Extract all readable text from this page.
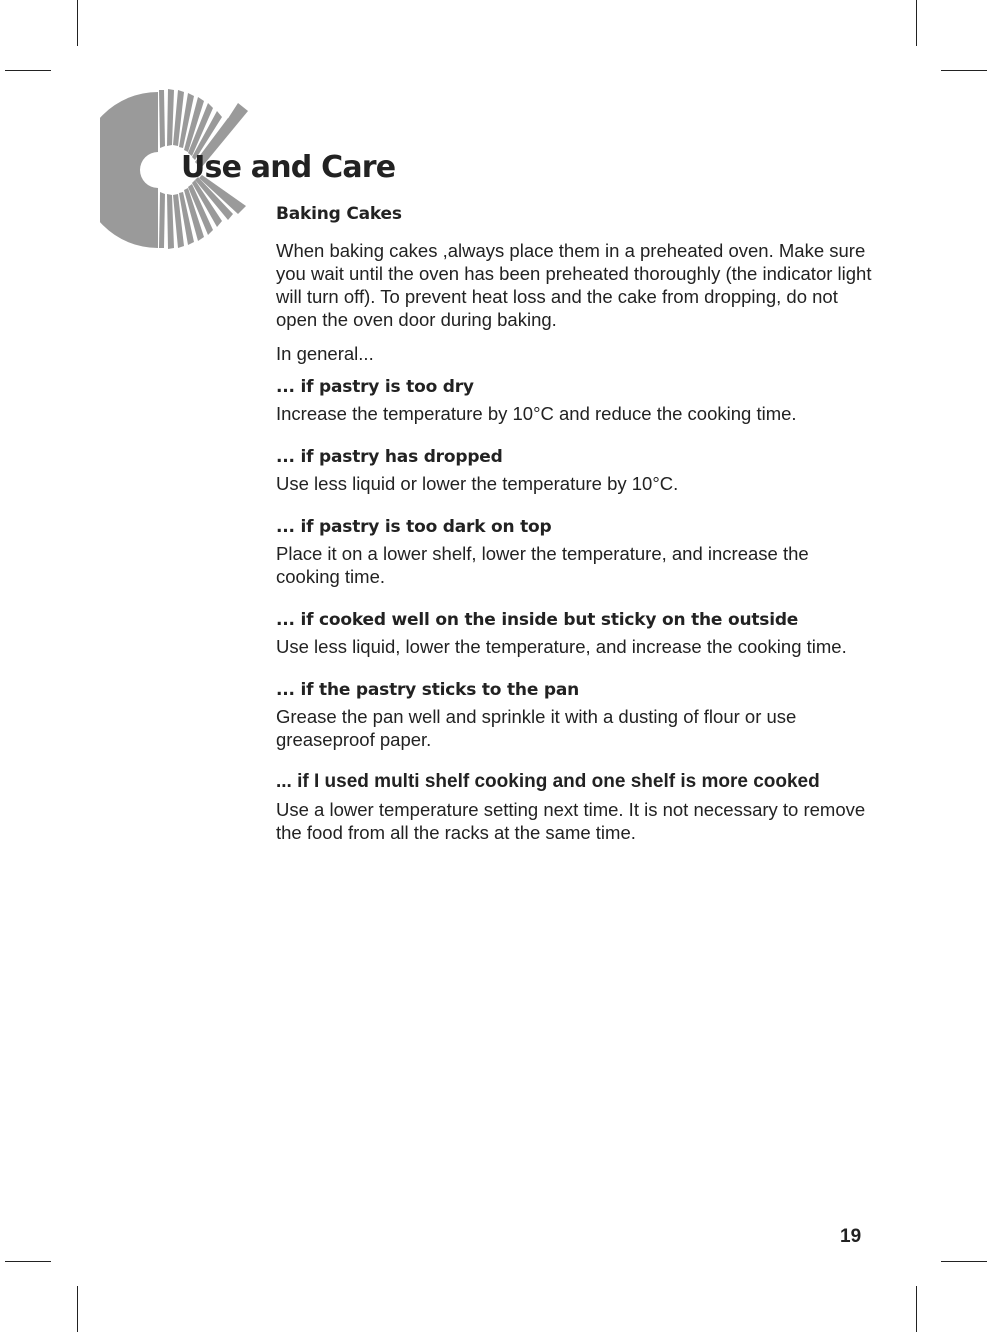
Use and Care

Baking Cakes

When baking cakes ,always place them in a preheated oven. Make sure you wait until the oven has been preheated thoroughly (the indicator light will turn off). To prevent heat loss and the cake from dropping, do not open the oven door during baking.

In general...

... if pastry is too dry

Increase the temperature by 10°C and reduce the cooking time.

... if pastry has dropped

Use less liquid or lower the temperature by 10°C.

... if pastry is too dark on top

Place it on a lower shelf, lower the temperature, and increase the cooking time.

... if cooked well on the inside but sticky on the outside

Use less liquid, lower the temperature, and increase the cooking time.

... if the pastry sticks to the pan

Grease the pan well and sprinkle it with a dusting of flour or use greaseproof paper.

... if I used multi shelf cooking and one shelf is more cooked

Use a lower temperature setting next time. It is not necessary to remove the food from all the racks at the same time.

19
